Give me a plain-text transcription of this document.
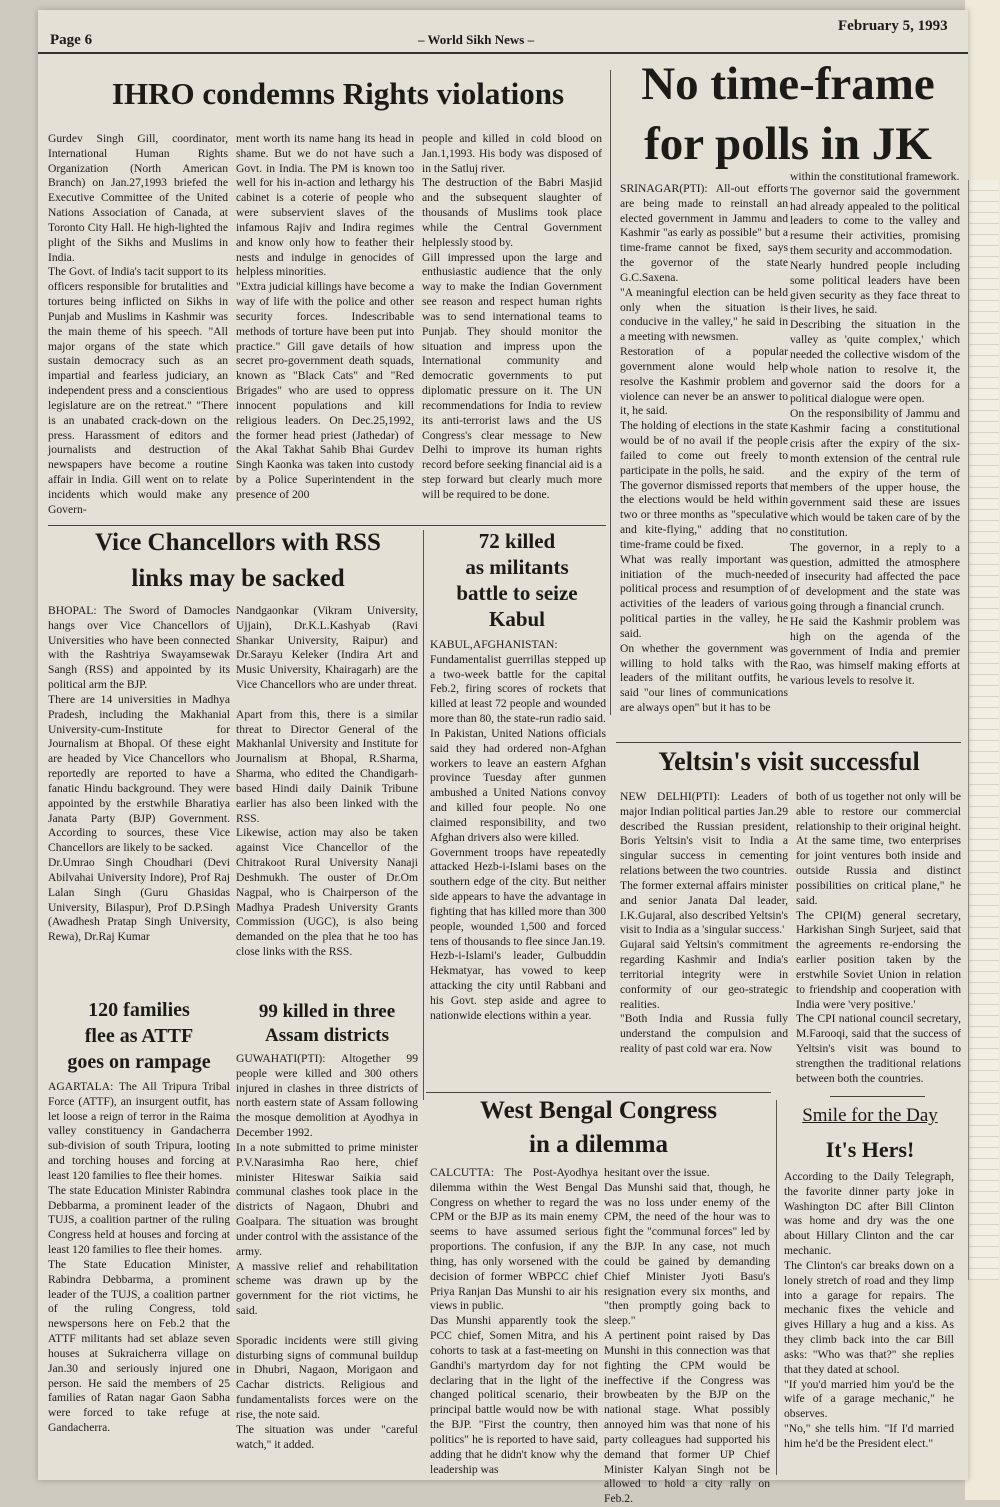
Page 6	– World Sikh News –
February 5, 1993
IHRO condemns Rights violations
Gurdev Singh Gill, coordinator, International Human Rights Organization (North American Branch) on Jan.27,1993 briefed the Executive Committee of the United Nations Association of Canada, at Toronto City Hall. He high-lighted the plight of the Sikhs and Muslims in India.
The Govt. of India's tacit support to its officers responsible for brutalities and tortures being inflicted on Sikhs in Punjab and Muslims in Kashmir was the main theme of his speech. "All major organs of the state which sustain democracy such as an impartial and fearless judiciary, an independent press and a conscientious legislature are on the retreat." "There is an unabated crack-down on the press. Harassment of editors and journalists and destruction of newspapers have become a routine affair in India. Gill went on to relate incidents which would make any Govern-
ment worth its name hang its head in shame. But we do not have such a Govt. in India. The PM is known too well for his in-action and lethargy his cabinet is a coterie of people who were subservient slaves of the infamous Rajiv and Indira regimes and know only how to feather their nests and indulge in genocides of helpless minorities.
"Extra judicial killings have become a way of life with the police and other security forces. Indescribable methods of torture have been put into practice." Gill gave details of how secret pro-government death squads, known as "Black Cats" and "Red Brigades" who are used to oppress innocent populations and kill religious leaders. On Dec.25,1992, the former head priest (Jathedar) of the Akal Takhat Sahib Bhai Gurdev Singh Kaonka was taken into custody by a Police Superintendent in the presence of 200
people and killed in cold blood on Jan.1,1993. His body was disposed of in the Satluj river.
The destruction of the Babri Masjid and the subsequent slaughter of thousands of Muslims took place while the Central Government helplessly stood by.
Gill impressed upon the large and enthusiastic audience that the only way to make the Indian Government see reason and respect human rights was to send international teams to Punjab. They should monitor the situation and impress upon the International community and democratic governments to put diplomatic pressure on it. The UN recommendations for India to review its anti-terrorist laws and the US Congress's clear message to New Delhi to improve its human rights record before seeking financial aid is a step forward but clearly much more will be required to be done.
No time-frame
for polls in JK
SRINAGAR(PTI): All-out efforts are being made to reinstall an elected government in Jammu and Kashmir "as early as possible" but a time-frame cannot be fixed, says the governor of the state G.C.Saxena.
"A meaningful election can be held only when the situation is conducive in the valley," he said in a meeting with newsmen.
Restoration of a popular government alone would help resolve the Kashmir problem and violence can never be an answer to it, he said.
The holding of elections in the state would be of no avail if the people failed to come out freely to participate in the polls, he said.
The governor dismissed reports that the elections would be held within two or three months as "speculative and kite-flying," adding that no time-frame could be fixed.
What was really important was initiation of the much-needed political process and resumption of activities of the leaders of various political parties in the valley, he said.
On whether the government was willing to hold talks with the leaders of the militant outfits, he said "our lines of communications are always open" but it has to be
within the constitutional framework.
The governor said the government had already appealed to the political leaders to come to the valley and resume their activities, promising them security and accommodation.
Nearly hundred people including some political leaders have been given security as they face threat to their lives, he said.
Describing the situation in the valley as 'quite complex,' which needed the collective wisdom of the whole nation to resolve it, the governor said the doors for a political dialogue were open.
On the responsibility of Jammu and Kashmir facing a constitutional crisis after the expiry of the six-month extension of the central rule and the expiry of the term of members of the upper house, the government said these are issues which would be taken care of by the constitution.
The governor, in a reply to a question, admitted the atmosphere of insecurity had affected the pace of development and the state was going through a financial crunch.
He said the Kashmir problem was high on the agenda of the government of India and premier Rao, was himself making efforts at various levels to resolve it.
Vice Chancellors with RSS
links may be sacked
BHOPAL: The Sword of Damocles hangs over Vice Chancellors of Universities who have been connected with the Rashtriya Swayamsewak Sangh (RSS) and appointed by its political arm the BJP.
There are 14 universities in Madhya Pradesh, including the Makhanial University-cum-Institute for Journalism at Bhopal. Of these eight are headed by Vice Chancellors who reportedly are reported to have a fanatic Hindu background. They were appointed by the erstwhile Bharatiya Janata Party (BJP) Government. According to sources, these Vice Chancellors are likely to be sacked.
Dr.Umrao Singh Choudhari (Devi Abilvahai University Indore), Prof Raj Lalan Singh (Guru Ghasidas University, Bilaspur), Prof D.P.Singh (Awadhesh Pratap Singh University, Rewa), Dr.Raj Kumar
Nandgaonkar (Vikram University, Ujjain), Dr.K.L.Kashyab (Ravi Shankar University, Raipur) and Dr.Sarayu Keleker (Indira Art and Music University, Khairagarh) are the Vice Chancellors who are under threat.

Apart from this, there is a similar threat to Director General of the Makhanlal University and Institute for Journalism at Bhopal, R.Sharma, Sharma, who edited the Chandigarh-based Hindi daily Dainik Tribune earlier has also been linked with the RSS.
Likewise, action may also be taken against Vice Chancellor of the Chitrakoot Rural University Nanaji Deshmukh. The ouster of Dr.Om Nagpal, who is Chairperson of the Madhya Pradesh University Grants Commission (UGC), is also being demanded on the plea that he too has close links with the RSS.
72 killed
as militants
battle to seize
Kabul
KABUL,AFGHANISTAN: Fundamentalist guerrillas stepped up a two-week battle for the capital Feb.2, firing scores of rockets that killed at least 72 people and wounded more than 80, the state-run radio said.
In Pakistan, United Nations officials said they had ordered non-Afghan workers to leave an eastern Afghan province Tuesday after gunmen ambushed a United Nations convoy and killed four people. No one claimed responsibility, and two Afghan drivers also were killed.
Government troops have repeatedly attacked Hezb-i-Islami bases on the southern edge of the city. But neither side appears to have the advantage in fighting that has killed more than 300 people, wounded 1,500 and forced tens of thousands to flee since Jan.19.
Hezb-i-Islami's leader, Gulbuddin Hekmatyar, has vowed to keep attacking the city until Rabbani and his Govt. step aside and agree to nationwide elections within a year.
Yeltsin's visit successful
NEW DELHI(PTI): Leaders of major Indian political parties Jan.29 described the Russian president, Boris Yeltsin's visit to India a singular success in cementing relations between the two countries.
The former external affairs minister and senior Janata Dal leader, I.K.Gujaral, also described Yeltsin's visit to India as a 'singular success.'
Gujaral said Yeltsin's commitment regarding Kashmir and India's territorial integrity were in conformity of our geo-strategic realities.
"Both India and Russia fully understand the compulsion and reality of past cold war era. Now
both of us together not only will be able to restore our commercial relationship to their original height. At the same time, two enterprises for joint ventures both inside and outside Russia and distinct possibilities on critical plane," he said.
The CPI(M) general secretary, Harkishan Singh Surjeet, said that the agreements re-endorsing the earlier position taken by the erstwhile Soviet Union in relation to friendship and cooperation with India were 'very positive.'
The CPI national council secretary, M.Farooqi, said that the success of Yeltsin's visit was bound to strengthen the traditional relations between both the countries.
120 families
flee as ATTF
goes on rampage
AGARTALA: The All Tripura Tribal Force (ATTF), an insurgent outfit, has let loose a reign of terror in the Raima valley constituency in Gandacherra sub-division of south Tripura, looting and torching houses and forcing at least 120 families to flee their homes.
The state Education Minister Rabindra Debbarma, a prominent leader of the TUJS, a coalition partner of the ruling Congress held at houses and forcing at least 120 families to flee their homes.
The State Education Minister, Rabindra Debbarma, a prominent leader of the TUJS, a coalition partner of the ruling Congress, told newspersons here on Feb.2 that the ATTF militants had set ablaze seven houses at Sukraicherra village on Jan.30 and seriously injured one person. He said the members of 25 families of Ratan nagar Gaon Sabha were forced to take refuge at Gandacherra.
99 killed in three
Assam districts
GUWAHATI(PTI): Altogether 99 people were killed and 300 others injured in clashes in three districts of north eastern state of Assam following the mosque demolition at Ayodhya in December 1992.
In a note submitted to prime minister P.V.Narasimha Rao here, chief minister Hiteswar Saikia said communal clashes took place in the districts of Nagaon, Dhubri and Goalpara. The situation was brought under control with the assistance of the army.
A massive relief and rehabilitation scheme was drawn up by the government for the riot victims, he said.

Sporadic incidents were still giving disturbing signs of communal buildup in Dhubri, Nagaon, Morigaon and Cachar districts. Religious and fundamentalists forces were on the rise, the note said.
The situation was under "careful watch," it added.
West Bengal Congress
in a dilemma
CALCUTTA: The Post-Ayodhya dilemma within the West Bengal Congress on whether to regard the CPM or the BJP as its main enemy seems to have assumed serious proportions. The confusion, if any thing, has only worsened with the decision of former WBPCC chief Priya Ranjan Das Munshi to air his views in public.
Das Munshi apparently took the PCC chief, Somen Mitra, and his cohorts to task at a fast-meeting on Gandhi's martyrdom day for not declaring that in the light of the changed political scenario, their principal battle would now be with the BJP. "First the country, then politics" he is reported to have said, adding that he didn't know why the leadership was
hesitant over the issue.
Das Munshi said that, though, he was no loss under enemy of the CPM, the need of the hour was to fight the "communal forces" led by the BJP. In any case, not much could be gained by demanding Chief Minister Jyoti Basu's resignation every six months, and "then promptly going back to sleep."
A pertinent point raised by Das Munshi in this connection was that fighting the CPM would be ineffective if the Congress was browbeaten by the BJP on the national stage. What possibly annoyed him was that none of his party colleagues had supported his demand that former UP Chief Minister Kalyan Singh not be allowed to hold a city rally on Feb.2.
Smile for the Day
It's Hers!
According to the Daily Telegraph, the favorite dinner party joke in Washington DC after Bill Clinton was home and dry was the one about Hillary Clinton and the car mechanic.
The Clinton's car breaks down on a lonely stretch of road and they limp into a garage for repairs. The mechanic fixes the vehicle and gives Hillary a hug and a kiss. As they climb back into the car Bill asks: "Who was that?" she replies that they dated at school.
"If you'd married him you'd be the wife of a garage mechanic," he observes.
"No," she tells him. "If I'd married him he'd be the President elect."
